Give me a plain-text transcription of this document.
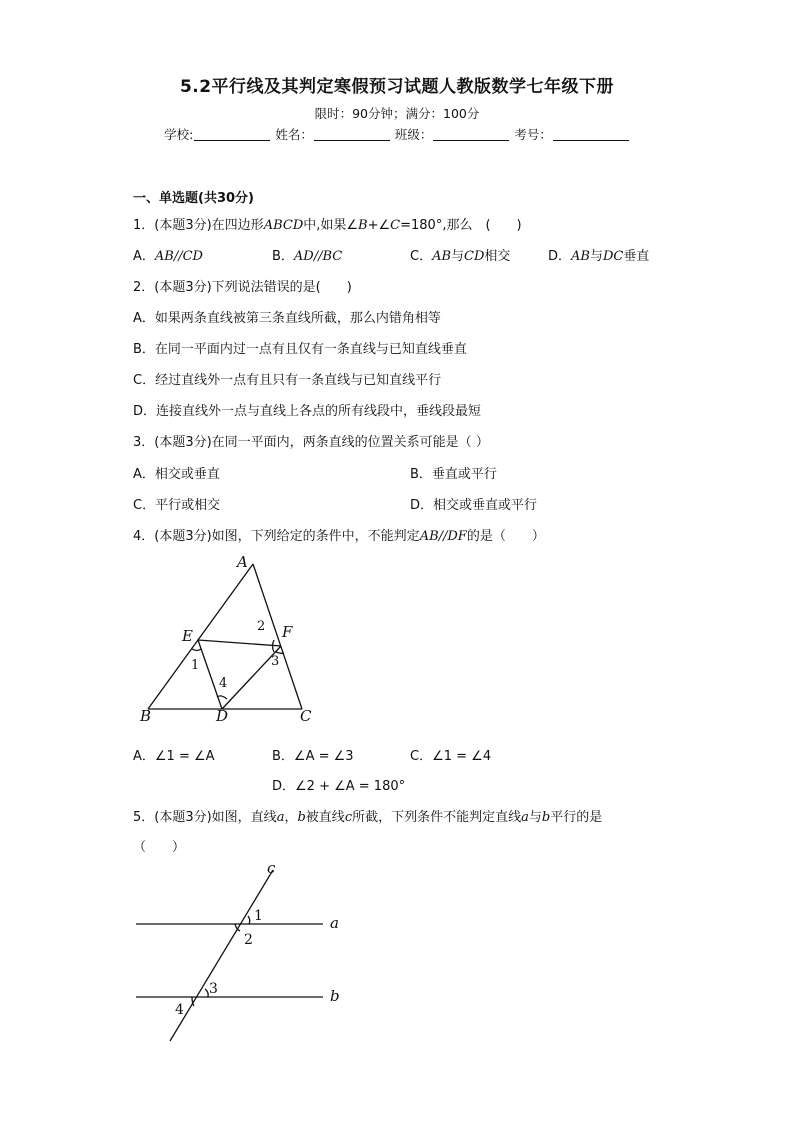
5.2平行线及其判定寒假预习试题人教版数学七年级下册
限时：90分钟；满分：100分
学校:	姓名：	班级：	考号：
一、单选题(共30分)
1．(本题3分)在四边形ABCD中,如果∠B+∠C=180°,那么　(　　)
A．AB//CD	B．AD//BC	C．AB与CD相交	D．AB与DC垂直
2．(本题3分)下列说法错误的是(　　)
A．如果两条直线被第三条直线所截，那么内错角相等
B．在同一平面内过一点有且仅有一条直线与已知直线垂直
C．经过直线外一点有且只有一条直线与已知直线平行
D．连接直线外一点与直线上各点的所有线段中，垂线段最短
3．(本题3分)在同一平面内，两条直线的位置关系可能是（ ）
A．相交或垂直	B．垂直或平行
C．平行或相交	D．相交或垂直或平行
4．(本题3分)如图，下列给定的条件中，不能判定AB//DF的是（　　）
A
E	F
B	D	C
1
2
3
4
A．∠1 = ∠A	B．∠A = ∠3	C．∠1 = ∠4
D．∠2 + ∠A = 180°
5．(本题3分)如图，直线a，b被直线c所截，下列条件不能判定直线a与b平行的是
（　　）
c
a
b
1
2
3
4
